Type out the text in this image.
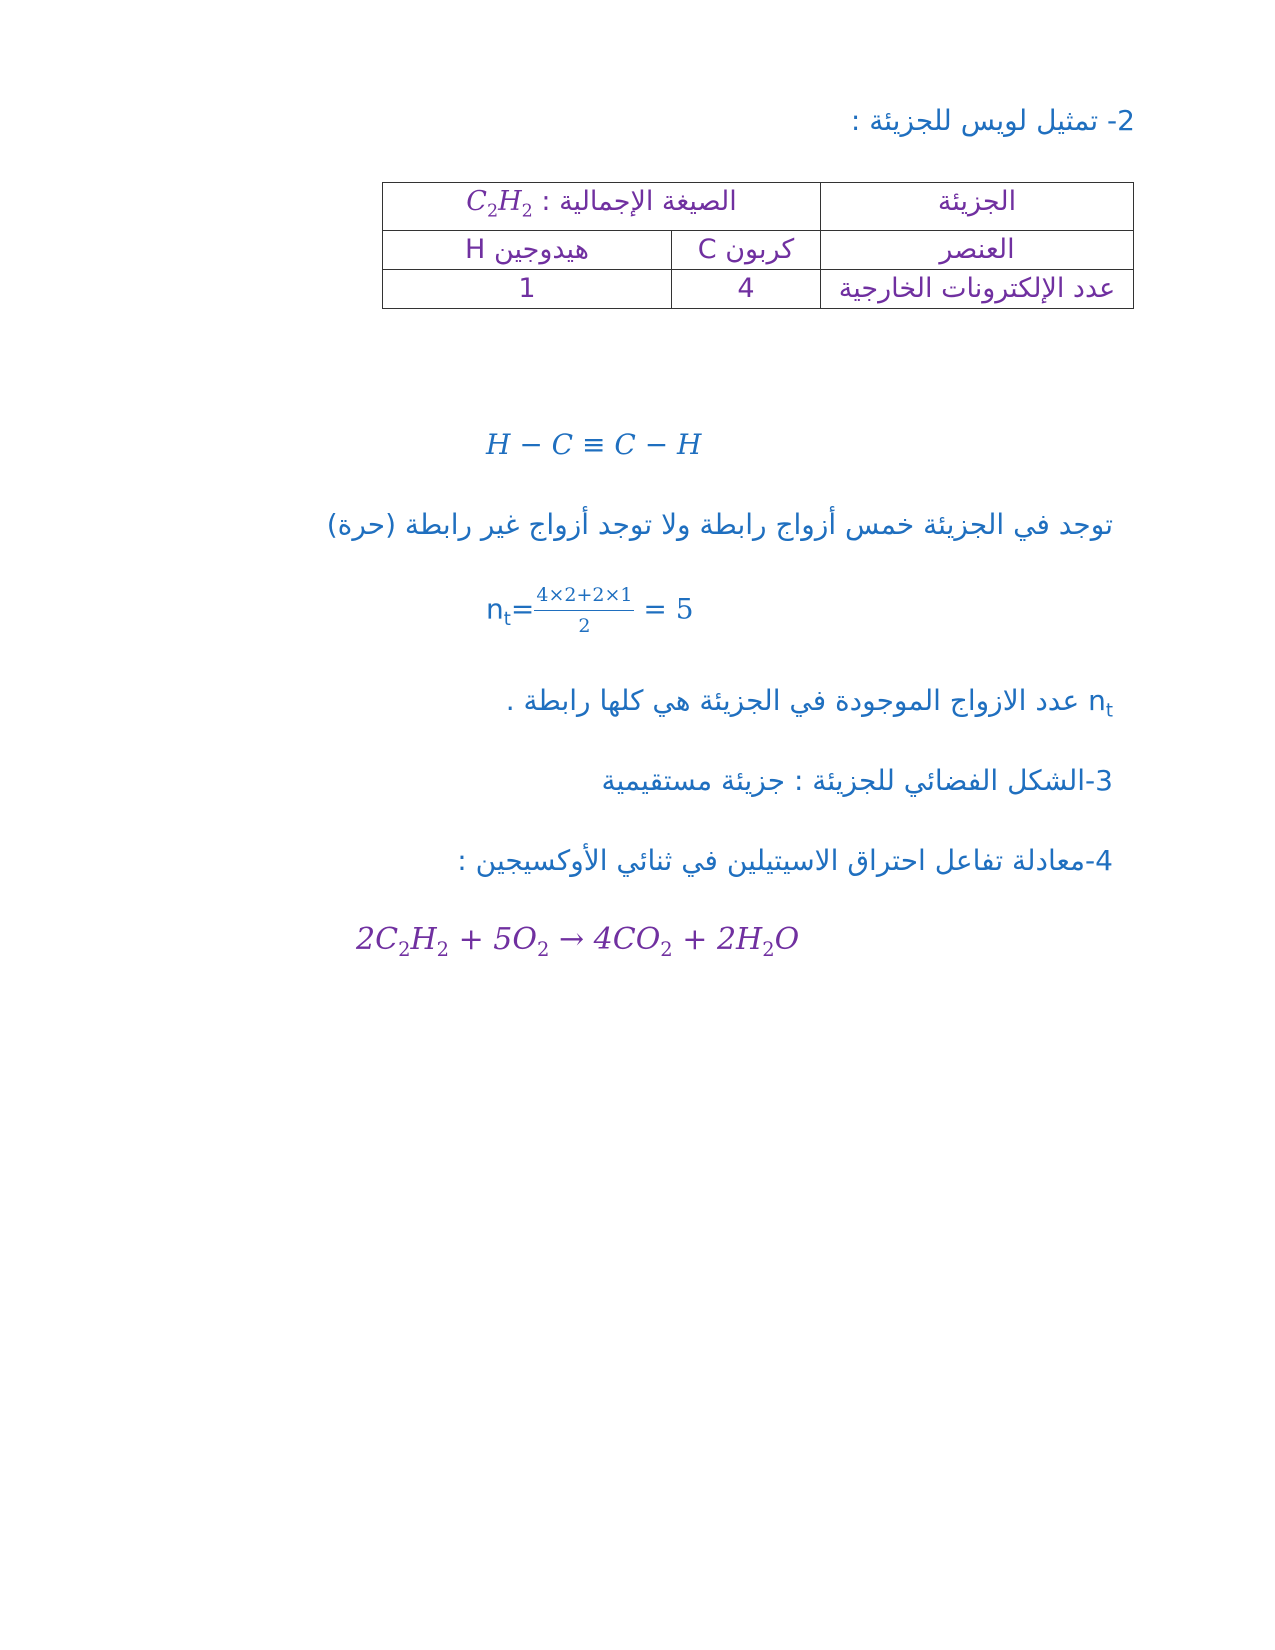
2- تمثيل لويس للجزيئة :
الجزيئة	الصيغة الإجمالية : $C_2H_2$
العنصر	كربون C	هيدوجين H
عدد الإلكترونات الخارجية	4	1
H − C ≡ C − H
توجد في الجزيئة خمس أزواج رابطة ولا توجد أزواج غير رابطة (حرة)
$n_t= \frac{4\times 2+2\times 1}{2} = 5$
$n_t$ عدد الازواج الموجودة في الجزيئة هي كلها رابطة .
3-الشكل الفضائي للجزيئة : جزيئة مستقيمية
4-معادلة تفاعل احتراق الاسيتيلين في ثنائي الأوكسيجين :
$2C_2H_2 + 5O_2 \to 4CO_2 + 2H_2O$
